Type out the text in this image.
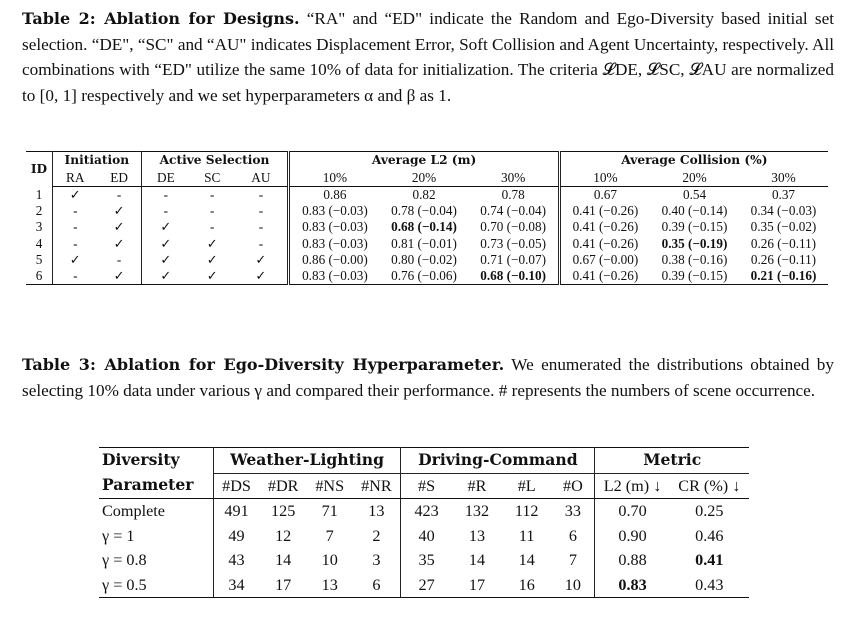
Table 2: Ablation for Designs. “RA" and “ED" indicate the Random and Ego-Diversity based initial set selection. “DE", “SC" and “AU" indicates Displacement Error, Soft Collision and Agent Uncertainty, respectively. All combinations with “ED" utilize the same 10% of data for initialization. The criteria 𝓛DE, 𝓛SC, 𝓛AU are normalized to [0, 1] respectively and we set hyperparameters α and β as 1.
ID	Initiation		Active Selection			Average L2 (m)			Average Collision (%)		
	RA	ED	DE	SC	AU	10%	20%	30%	10%	20%	30%
1	✓	-	-	-	-	0.86	0.82	0.78	0.67	0.54	0.37
2	-	✓	-	-	-	0.83 (−0.03)	0.78 (−0.04)	0.74 (−0.04)	0.41 (−0.26)	0.40 (−0.14)	0.34 (−0.03)
3	-	✓	✓	-	-	0.83 (−0.03)	0.68 (−0.14)	0.70 (−0.08)	0.41 (−0.26)	0.39 (−0.15)	0.35 (−0.02)
4	-	✓	✓	✓	-	0.83 (−0.03)	0.81 (−0.01)	0.73 (−0.05)	0.41 (−0.26)	0.35 (−0.19)	0.26 (−0.11)
5	✓	-	✓	✓	✓	0.86 (−0.00)	0.80 (−0.02)	0.71 (−0.07)	0.67 (−0.00)	0.38 (−0.16)	0.26 (−0.11)
6	-	✓	✓	✓	✓	0.83 (−0.03)	0.76 (−0.06)	0.68 (−0.10)	0.41 (−0.26)	0.39 (−0.15)	0.21 (−0.16)
Table 3: Ablation for Ego-Diversity Hyperparameter. We enumerated the distributions obtained by selecting 10% data under various γ and compared their performance. # represents the numbers of scene occurrence.
Diversity	Weather-Lighting				Driving-Command				Metric	
Parameter	#DS	#DR	#NS	#NR	#S	#R	#L	#O	L2 (m) ↓	CR (%) ↓
Complete	491	125	71	13	423	132	112	33	0.70	0.25
γ = 1	49	12	7	2	40	13	11	6	0.90	0.46
γ = 0.8	43	14	10	3	35	14	14	7	0.88	0.41
γ = 0.5	34	17	13	6	27	17	16	10	0.83	0.43
